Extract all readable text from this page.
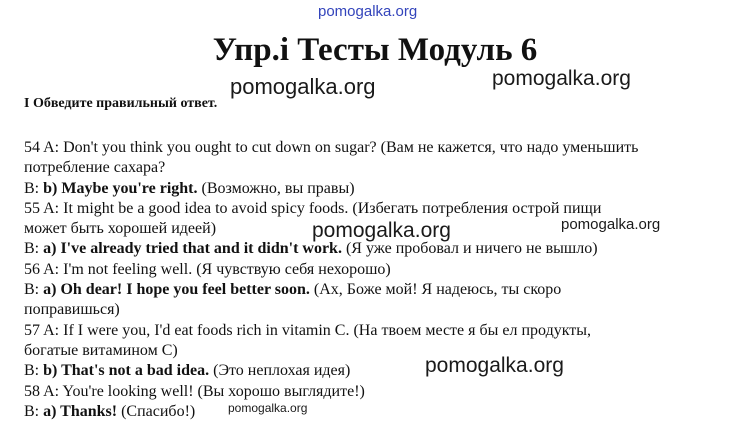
pomogalka.org
Упр.i Тесты Модуль 6
pomogalka.org	pomogalka.org

I Обведите правильный ответ.

54 A: Don't you think you ought to cut down on sugar? (Вам не кажется, что надо уменьшить
потребление сахара?
B: b) Maybe you're right. (Возможно, вы правы)
55 A: It might be a good idea to avoid spicy foods. (Избегать потребления острой пищи
может быть хорошей идеей)
B: a) I've already tried that and it didn't work. (Я уже пробовал и ничего не вышло)
56 A: I'm not feeling well. (Я чувствую себя нехорошо)
B: a) Oh dear! I hope you feel better soon. (Ах, Боже мой! Я надеюсь, ты скоро
поправишься)
57 A: If I were you, I'd eat foods rich in vitamin C. (На твоем месте я бы ел продукты,
богатые витамином С)
B: b) That's not a bad idea. (Это неплохая идея)
58 A: You're looking well! (Вы хорошо выглядите!)
B: a) Thanks! (Спасибо!)
pomogalka.org	pomogalka.org
pomogalka.org
pomogalka.org
